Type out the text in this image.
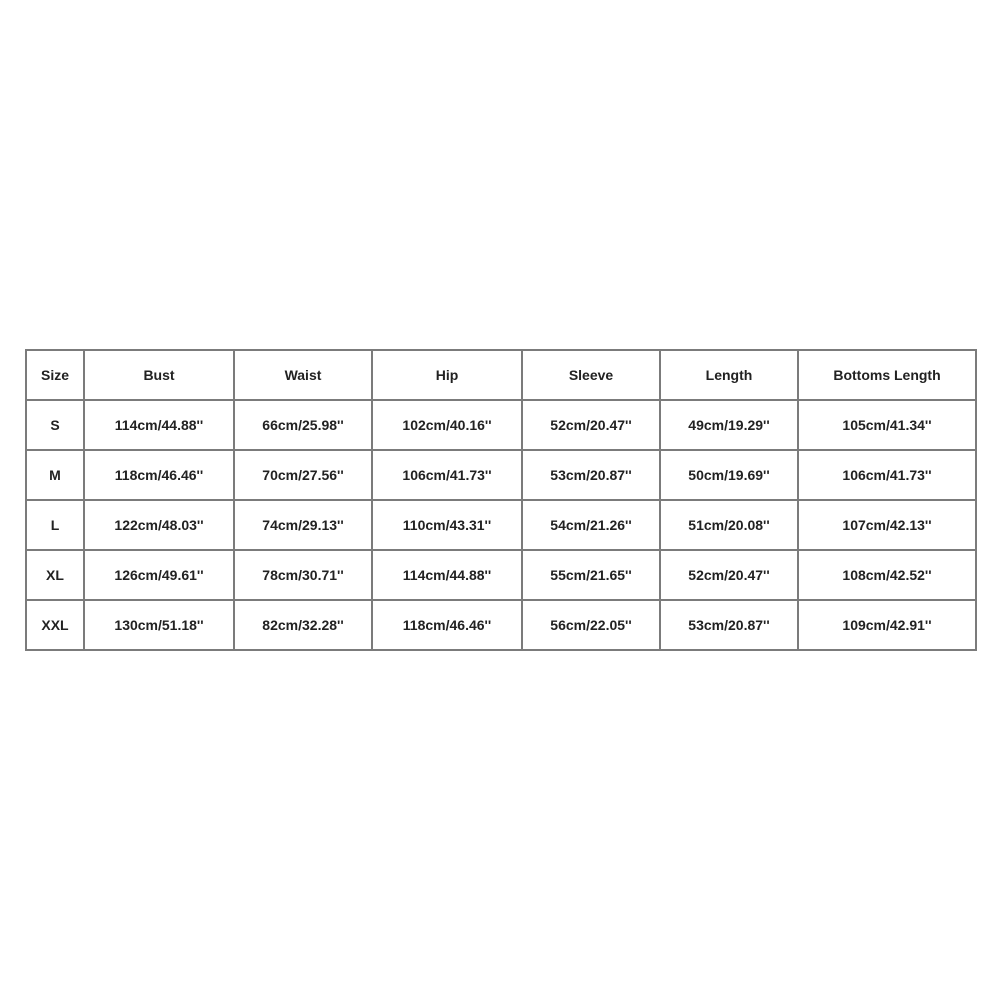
Size	Bust	Waist	Hip	Sleeve	Length	Bottoms Length
S	114cm/44.88''	66cm/25.98''	102cm/40.16''	52cm/20.47''	49cm/19.29''	105cm/41.34''
M	118cm/46.46''	70cm/27.56''	106cm/41.73''	53cm/20.87''	50cm/19.69''	106cm/41.73''
L	122cm/48.03''	74cm/29.13''	110cm/43.31''	54cm/21.26''	51cm/20.08''	107cm/42.13''
XL	126cm/49.61''	78cm/30.71''	114cm/44.88''	55cm/21.65''	52cm/20.47''	108cm/42.52''
XXL	130cm/51.18''	82cm/32.28''	118cm/46.46''	56cm/22.05''	53cm/20.87''	109cm/42.91''
